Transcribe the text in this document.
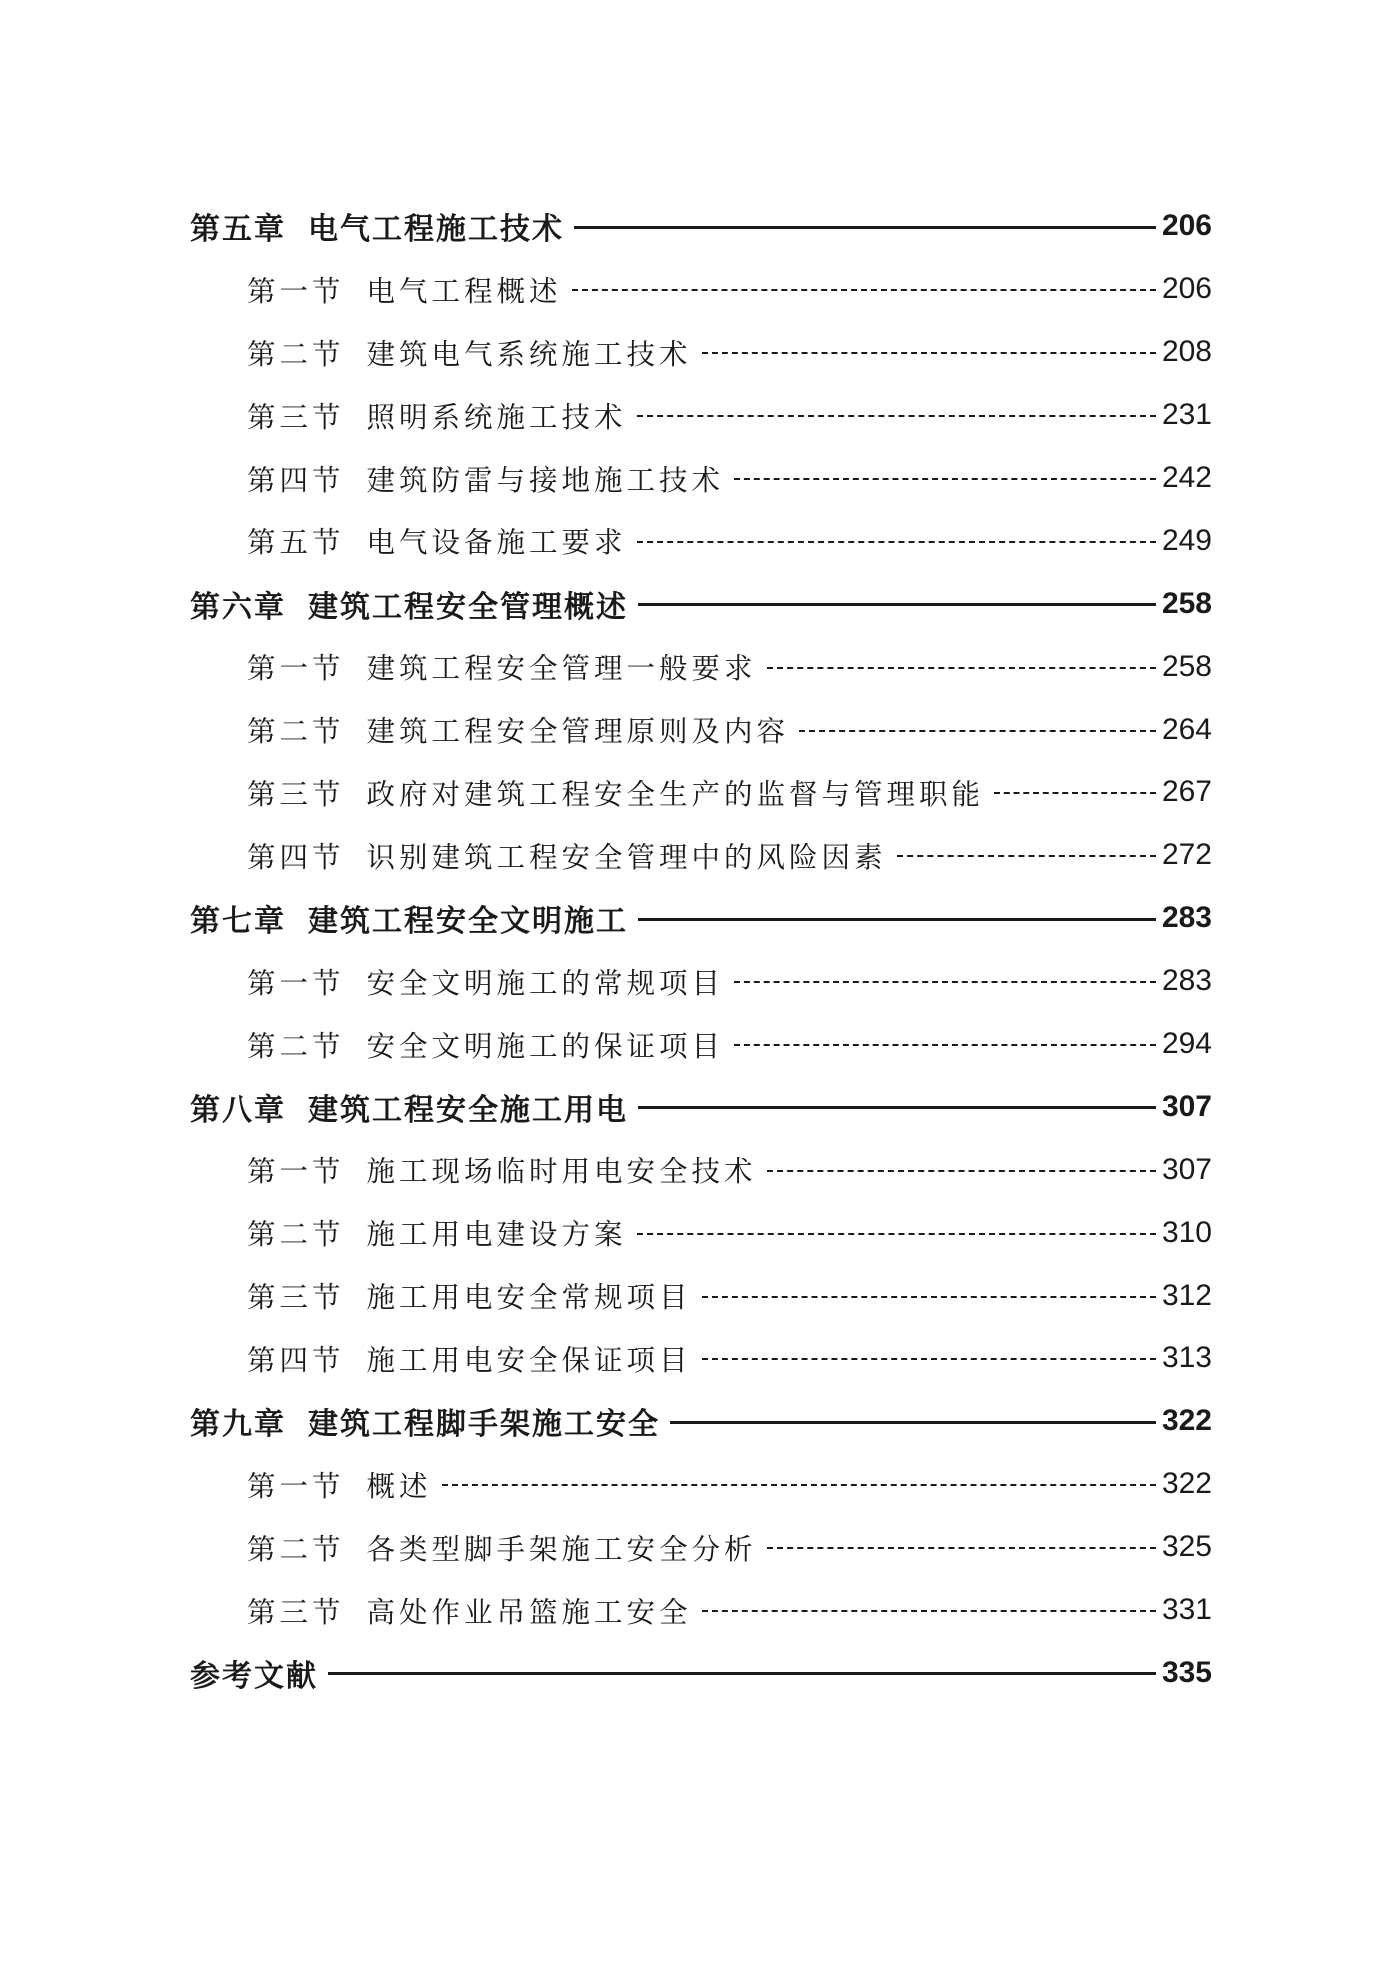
第五章 电气工程施工技术	206
第一节 电气工程概述	206
第二节 建筑电气系统施工技术	208
第三节 照明系统施工技术	231
第四节 建筑防雷与接地施工技术	242
第五节 电气设备施工要求	249
第六章 建筑工程安全管理概述	258
第一节 建筑工程安全管理一般要求	258
第二节 建筑工程安全管理原则及内容	264
第三节 政府对建筑工程安全生产的监督与管理职能	267
第四节 识别建筑工程安全管理中的风险因素	272
第七章 建筑工程安全文明施工	283
第一节 安全文明施工的常规项目	283
第二节 安全文明施工的保证项目	294
第八章 建筑工程安全施工用电	307
第一节 施工现场临时用电安全技术	307
第二节 施工用电建设方案	310
第三节 施工用电安全常规项目	312
第四节 施工用电安全保证项目	313
第九章 建筑工程脚手架施工安全	322
第一节 概述	322
第二节 各类型脚手架施工安全分析	325
第三节 高处作业吊篮施工安全	331
参考文献	335
